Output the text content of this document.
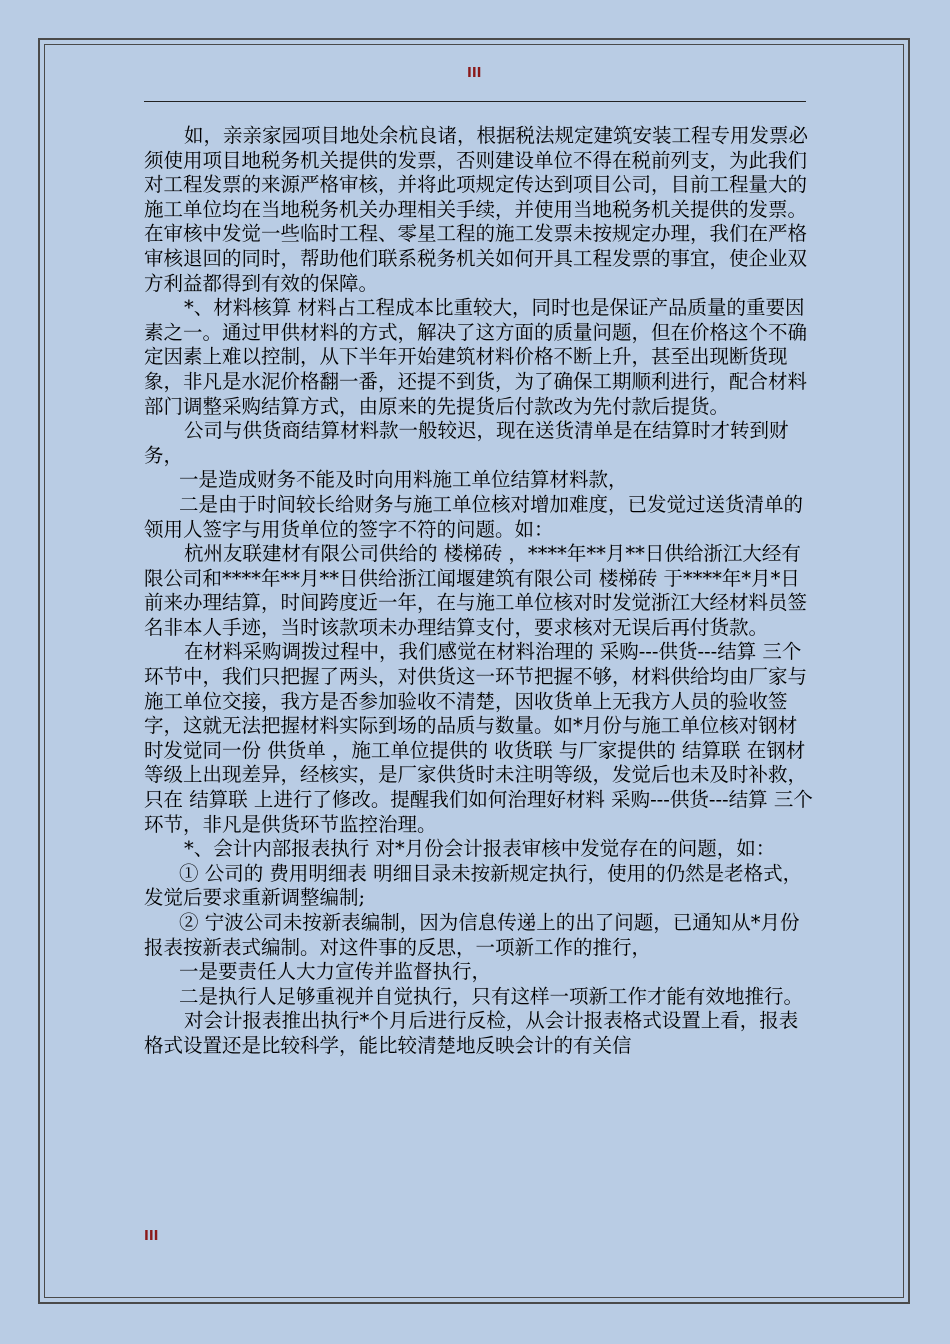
III

如，亲亲家园项目地处余杭良诸，根据税法规定建筑安装工程专用发票必须使用项目地税务机关提供的发票，否则建设单位不得在税前列支，为此我们对工程发票的来源严格审核，并将此项规定传达到项目公司，目前工程量大的施工单位均在当地税务机关办理相关手续，并使用当地税务机关提供的发票。在审核中发觉一些临时工程、零星工程的施工发票未按规定办理，我们在严格审核退回的同时，帮助他们联系税务机关如何开具工程发票的事宜，使企业双方利益都得到有效的保障。

*、材料核算 材料占工程成本比重较大，同时也是保证产品质量的重要因素之一。通过甲供材料的方式，解决了这方面的质量问题，但在价格这个不确定因素上难以控制，从下半年开始建筑材料价格不断上升，甚至出现断货现象，非凡是水泥价格翻一番，还提不到货，为了确保工期顺利进行，配合材料部门调整采购结算方式，由原来的先提货后付款改为先付款后提货。

公司与供货商结算材料款一般较迟，现在送货清单是在结算时才转到财务，

一是造成财务不能及时向用料施工单位结算材料款，

二是由于时间较长给财务与施工单位核对增加难度，已发觉过送货清单的领用人签字与用货单位的签字不符的问题。如：

杭州友联建材有限公司供给的 楼梯砖 ，****年**月**日供给浙江大经有限公司和****年**月**日供给浙江闻堰建筑有限公司 楼梯砖 于****年*月*日前来办理结算，时间跨度近一年，在与施工单位核对时发觉浙江大经材料员签名非本人手迹，当时该款项未办理结算支付，要求核对无误后再付货款。

在材料采购调拨过程中，我们感觉在材料治理的 采购---供货---结算 三个环节中，我们只把握了两头，对供货这一环节把握不够，材料供给均由厂家与施工单位交接，我方是否参加验收不清楚，因收货单上无我方人员的验收签字，这就无法把握材料实际到场的品质与数量。如*月份与施工单位核对钢材时发觉同一份 供货单 ，施工单位提供的 收货联 与厂家提供的 结算联 在钢材等级上出现差异，经核实，是厂家供货时未注明等级，发觉后也未及时补救，只在 结算联 上进行了修改。提醒我们如何治理好材料 采购---供货---结算 三个环节，非凡是供货环节监控治理。

*、会计内部报表执行 对*月份会计报表审核中发觉存在的问题，如：

① 公司的 费用明细表 明细目录未按新规定执行，使用的仍然是老格式，发觉后要求重新调整编制;

② 宁波公司未按新表编制，因为信息传递上的出了问题，已通知从*月份报表按新表式编制。对这件事的反思，一项新工作的推行，

一是要责任人大力宣传并监督执行，

二是执行人足够重视并自觉执行，只有这样一项新工作才能有效地推行。

对会计报表推出执行*个月后进行反检，从会计报表格式设置上看，报表格式设置还是比较科学，能比较清楚地反映会计的有关信

III
